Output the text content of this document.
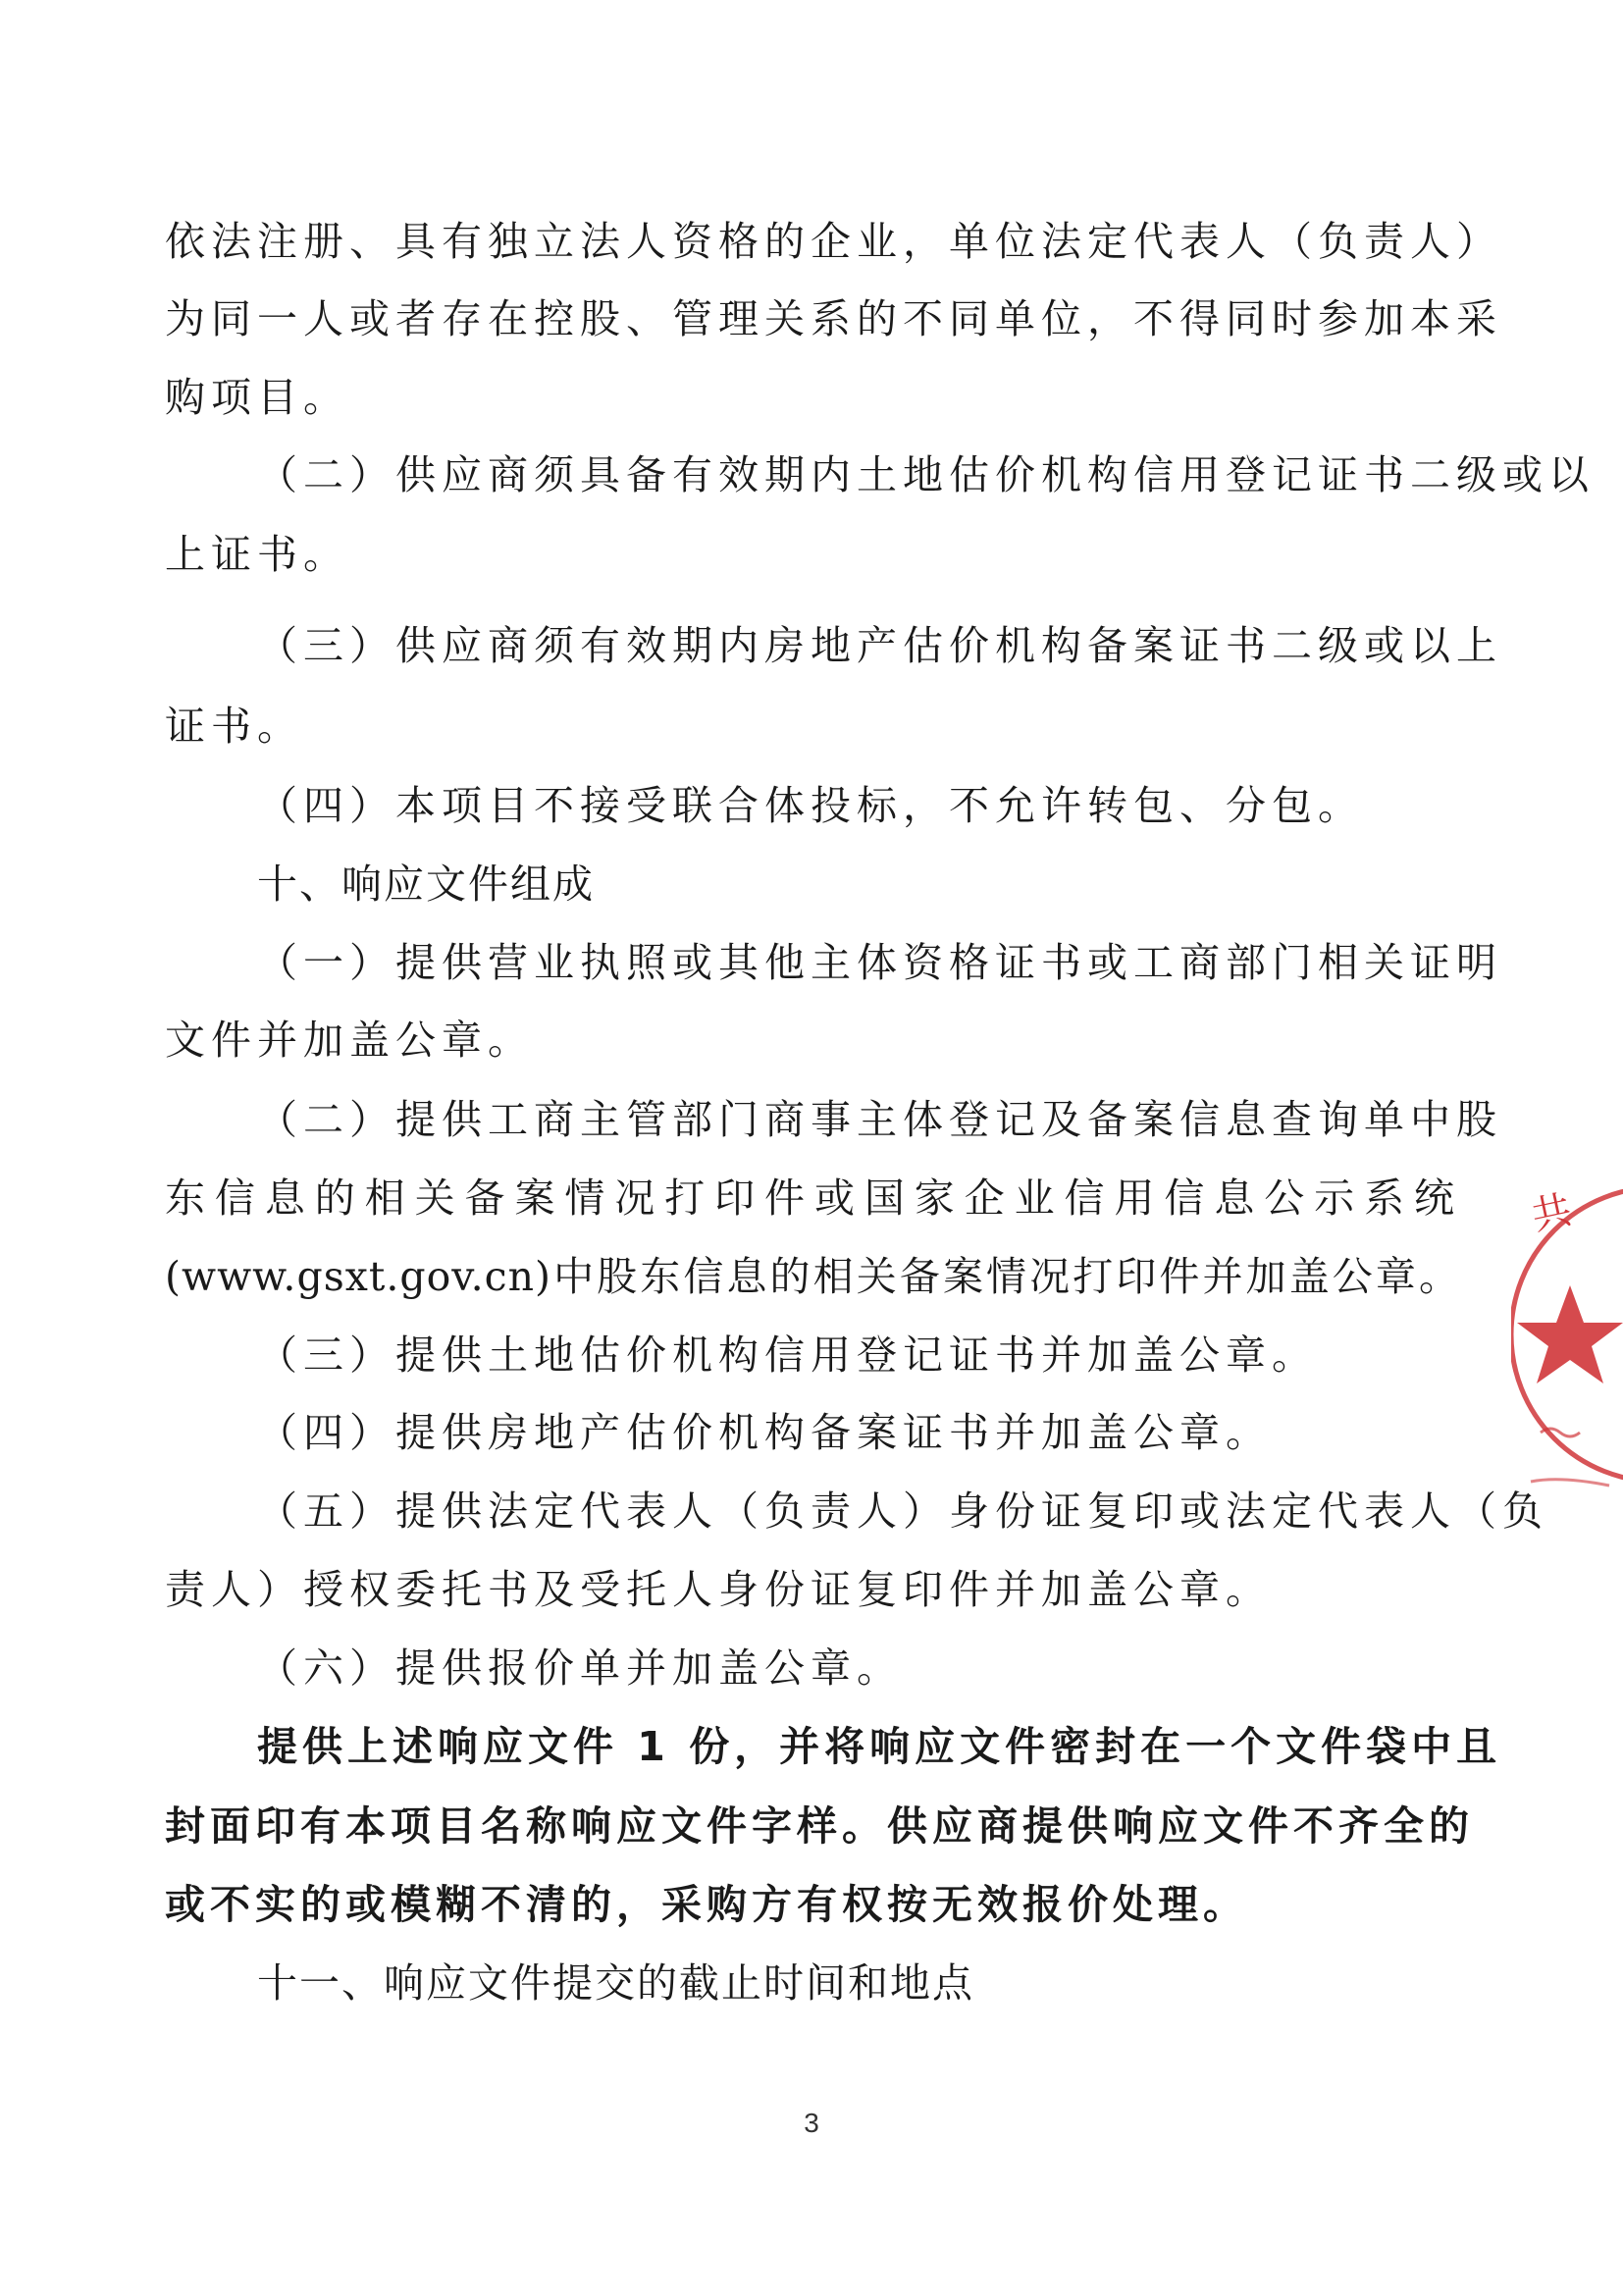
依法注册、具有独立法人资格的企业，单位法定代表人（负责人）
为同一人或者存在控股、管理关系的不同单位，不得同时参加本采
购项目。
（二）供应商须具备有效期内土地估价机构信用登记证书二级或以
上证书。
（三）供应商须有效期内房地产估价机构备案证书二级或以上
证书。
（四）本项目不接受联合体投标，不允许转包、分包。
十、响应文件组成
（一）提供营业执照或其他主体资格证书或工商部门相关证明
文件并加盖公章。
（二）提供工商主管部门商事主体登记及备案信息查询单中股
东信息的相关备案情况打印件或国家企业信用信息公示系统
(www.gsxt.gov.cn)中股东信息的相关备案情况打印件并加盖公章。
（三）提供土地估价机构信用登记证书并加盖公章。
（四）提供房地产估价机构备案证书并加盖公章。
（五）提供法定代表人（负责人）身份证复印或法定代表人（负
责人）授权委托书及受托人身份证复印件并加盖公章。
（六）提供报价单并加盖公章。
提供上述响应文件 1 份，并将响应文件密封在一个文件袋中且
封面印有本项目名称响应文件字样。供应商提供响应文件不齐全的
或不实的或模糊不清的，采购方有权按无效报价处理。
十一、响应文件提交的截止时间和地点
3
共
